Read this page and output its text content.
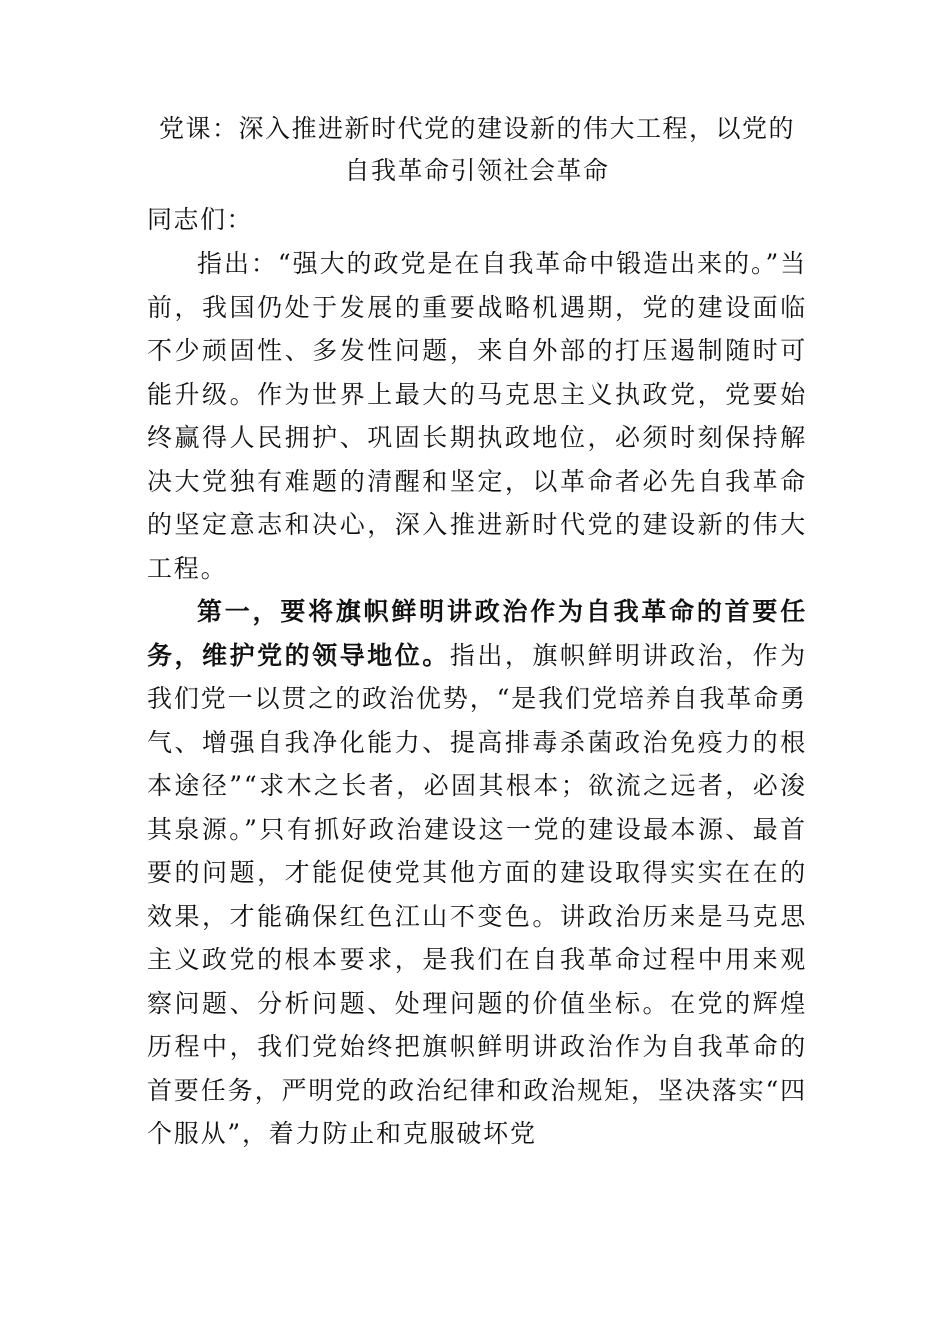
党课：深入推进新时代党的建设新的伟大工程，以党的自我革命引领社会革命

同志们：

指出：“强大的政党是在自我革命中锻造出来的。”当前，我国仍处于发展的重要战略机遇期，党的建设面临不少顽固性、多发性问题，来自外部的打压遏制随时可能升级。作为世界上最大的马克思主义执政党，党要始终赢得人民拥护、巩固长期执政地位，必须时刻保持解决大党独有难题的清醒和坚定，以革命者必先自我革命的坚定意志和决心，深入推进新时代党的建设新的伟大工程。

第一，要将旗帜鲜明讲政治作为自我革命的首要任务，维护党的领导地位。指出，旗帜鲜明讲政治，作为我们党一以贯之的政治优势，“是我们党培养自我革命勇气、增强自我净化能力、提高排毒杀菌政治免疫力的根本途径”“求木之长者，必固其根本；欲流之远者，必浚其泉源。”只有抓好政治建设这一党的建设最本源、最首要的问题，才能促使党其他方面的建设取得实实在在的效果，才能确保红色江山不变色。讲政治历来是马克思主义政党的根本要求，是我们在自我革命过程中用来观察问题、分析问题、处理问题的价值坐标。在党的辉煌历程中，我们党始终把旗帜鲜明讲政治作为自我革命的首要任务，严明党的政治纪律和政治规矩，坚决落实“四个服从”，着力防止和克服破坏党
